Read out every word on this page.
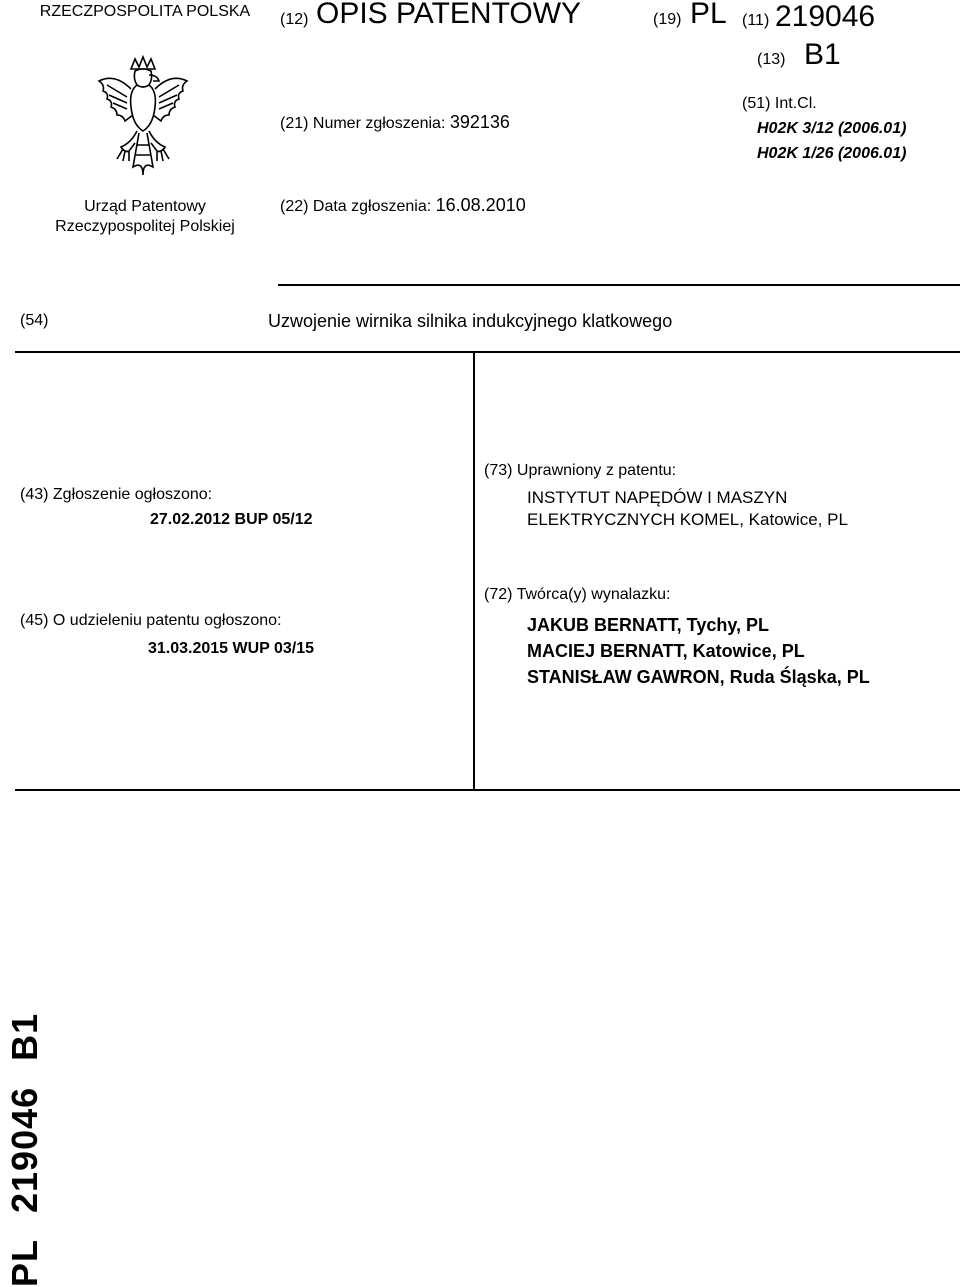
RZECZPOSPOLITA POLSKA
Urząd Patentowy
Rzeczypospolitej Polskiej
(12) OPIS PATENTOWY	(19) PL (11) 219046
(13) B1
(51) Int.Cl.
H02K 3/12 (2006.01)
H02K 1/26 (2006.01)
(21) Numer zgłoszenia: 392136
(22) Data zgłoszenia: 16.08.2010
(54)	Uzwojenie wirnika silnika indukcyjnego klatkowego
(43) Zgłoszenie ogłoszono:
27.02.2012 BUP 05/12
(45) O udzieleniu patentu ogłoszono:
31.03.2015 WUP 03/15
(73) Uprawniony z patentu:
INSTYTUT NAPĘDÓW I MASZYN
ELEKTRYCZNYCH KOMEL, Katowice, PL
(72) Twórca(y) wynalazku:
JAKUB BERNATT, Tychy, PL
MACIEJ BERNATT, Katowice, PL
STANISŁAW GAWRON, Ruda Śląska, PL
PL219046B1
